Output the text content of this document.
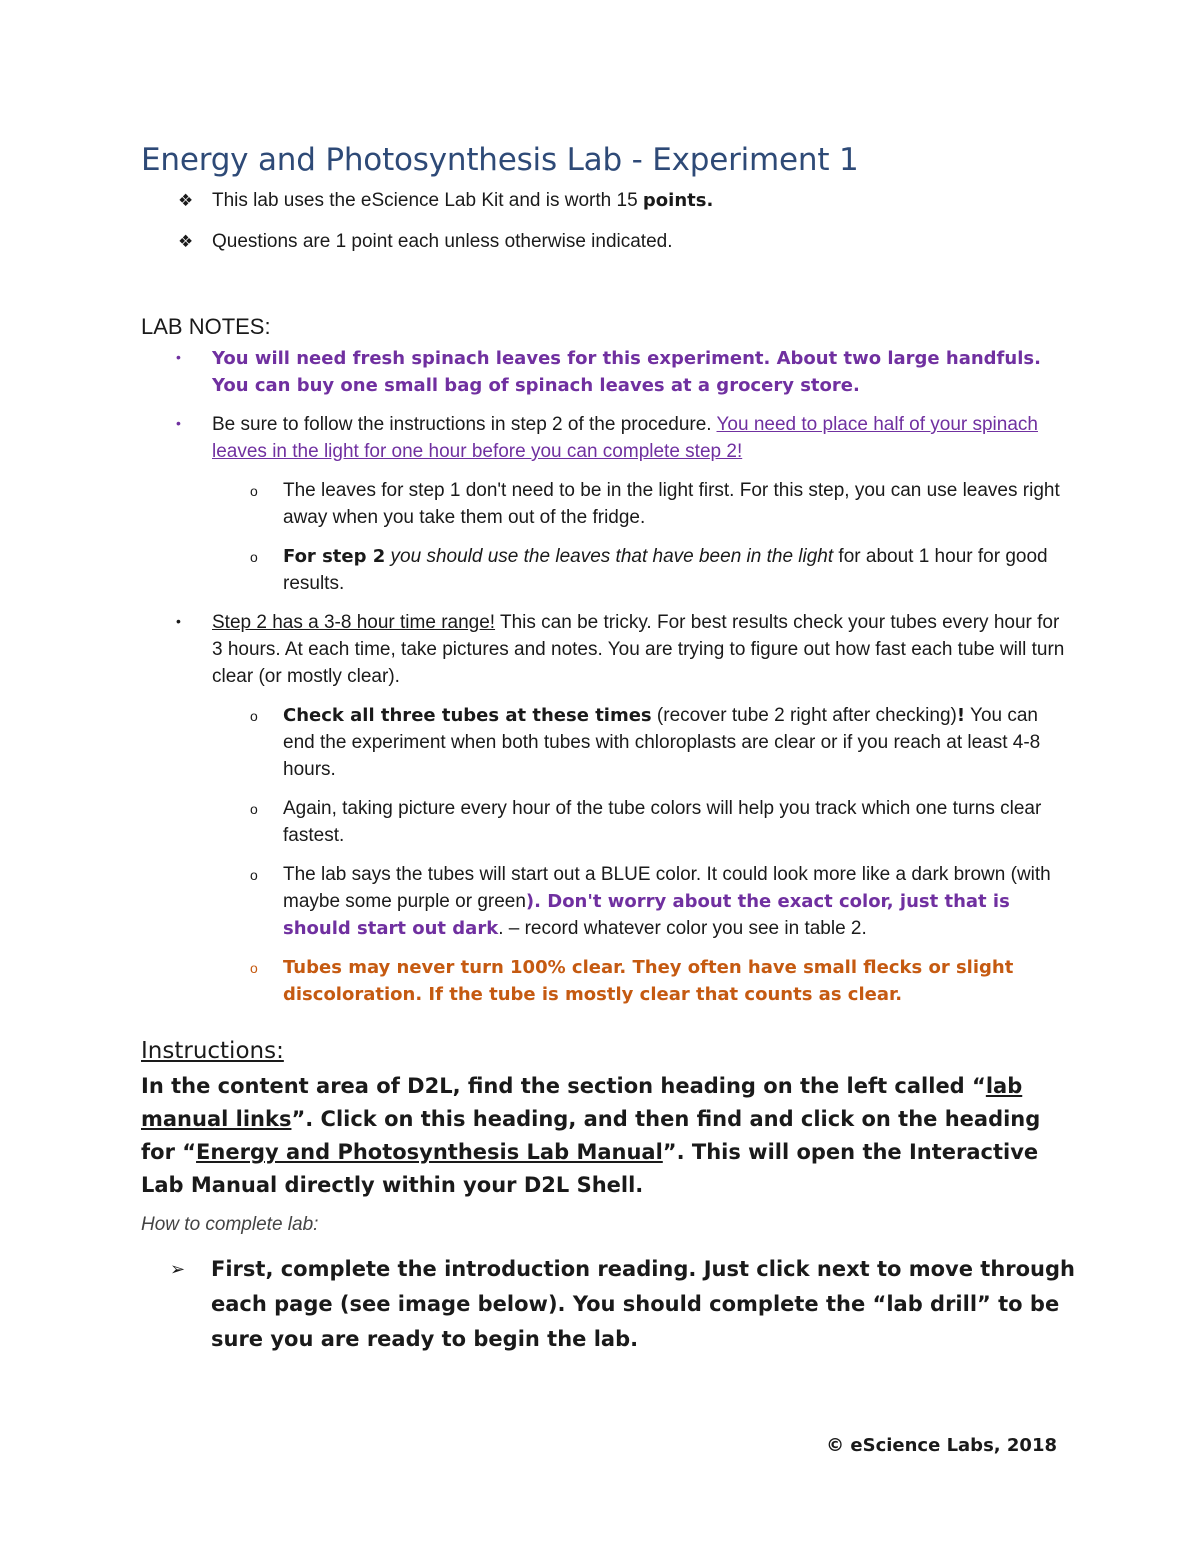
Energy and Photosynthesis Lab - Experiment 1
❖ This lab uses the eScience Lab Kit and is worth 15 points.
❖ Questions are 1 point each unless otherwise indicated.
LAB NOTES:
• You will need fresh spinach leaves for this experiment. About two large handfuls. You can buy one small bag of spinach leaves at a grocery store.
• Be sure to follow the instructions in step 2 of the procedure. You need to place half of your spinach leaves in the light for one hour before you can complete step 2!
o The leaves for step 1 don't need to be in the light first. For this step, you can use leaves right away when you take them out of the fridge.
o For step 2 you should use the leaves that have been in the light for about 1 hour for good results.
• Step 2 has a 3-8 hour time range! This can be tricky. For best results check your tubes every hour for 3 hours. At each time, take pictures and notes. You are trying to figure out how fast each tube will turn clear (or mostly clear).
o Check all three tubes at these times (recover tube 2 right after checking)! You can end the experiment when both tubes with chloroplasts are clear or if you reach at least 4-8 hours.
o Again, taking picture every hour of the tube colors will help you track which one turns clear fastest.
o The lab says the tubes will start out a BLUE color. It could look more like a dark brown (with maybe some purple or green). Don't worry about the exact color, just that is should start out dark. – record whatever color you see in table 2.
o Tubes may never turn 100% clear. They often have small flecks or slight discoloration. If the tube is mostly clear that counts as clear.
Instructions:

In the content area of D2L, find the section heading on the left called “lab manual links”. Click on this heading, and then find and click on the heading for “Energy and Photosynthesis Lab Manual”. This will open the Interactive Lab Manual directly within your D2L Shell.

How to complete lab:

➢ First, complete the introduction reading. Just click next to move through each page (see image below). You should complete the “lab drill” to be sure you are ready to begin the lab.

© eScience Labs, 2018
